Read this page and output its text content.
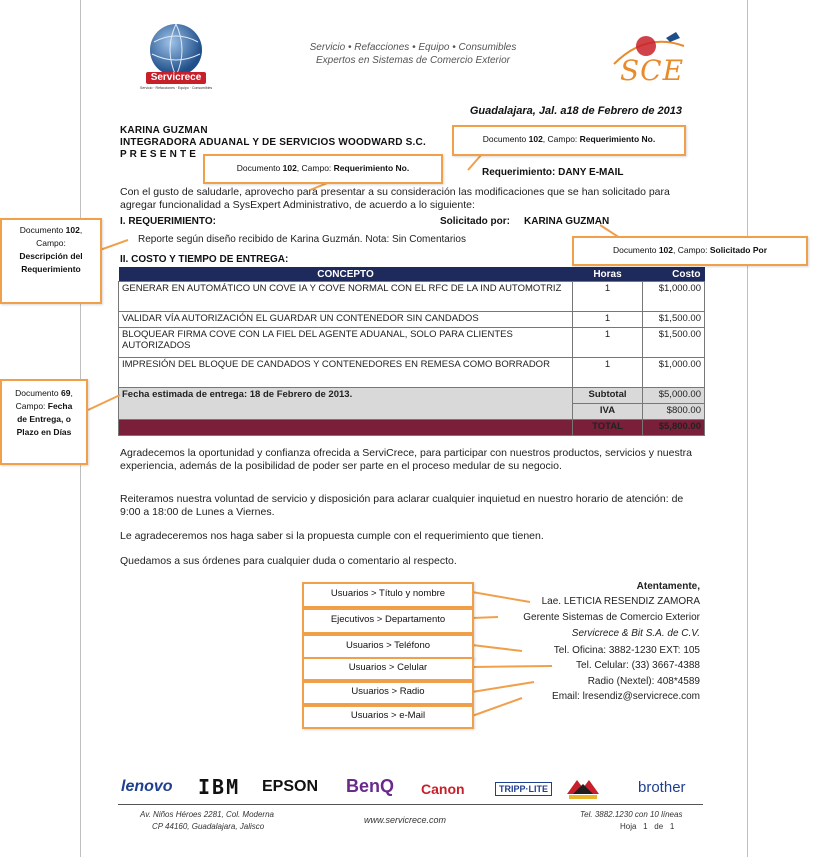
Servicrece
Servicio · Refacciones · Equipo · Consumibles
Servicio • Refacciones • Equipo • Consumibles
Expertos en Sistemas de Comercio Exterior	SCE
Guadalajara, Jal. a18 de Febrero de 2013
KARINA GUZMAN
INTEGRADORA ADUANAL Y DE SERVICIOS WOODWARD S.C.
P R E S E N T E
Requerimiento: DANY E-MAIL
Con el gusto de saludarle, aprovecho para presentar a su consideración las modificaciones que se han solicitado para agregar funcionalidad a SysExpert Administrativo, de acuerdo a lo siguiente:
I. REQUERIMIENTO:	Solicitado por: KARINA GUZMAN
Reporte según diseño recibido de Karina Guzmán. Nota: Sin Comentarios
II. COSTO Y TIEMPO DE ENTREGA:
CONCEPTO	Horas	Costo
GENERAR EN AUTOMÁTICO UN COVE IA Y COVE NORMAL CON EL RFC DE LA IND AUTOMOTRIZ	1	$1,000.00
VALIDAR VÍA AUTORIZACIÓN EL GUARDAR UN CONTENEDOR SIN CANDADOS	1	$1,500.00
BLOQUEAR FIRMA COVE CON LA FIEL DEL AGENTE ADUANAL, SOLO PARA CLIENTES AUTORIZADOS	1	$1,500.00
IMPRESIÓN DEL BLOQUE DE CANDADOS Y CONTENEDORES EN REMESA COMO BORRADOR	1	$1,000.00
Fecha estimada de entrega: 18 de Febrero de 2013.	Subtotal	$5,000.00
	IVA	$800.00
	TOTAL	$5,800.00
Agradecemos la oportunidad y confianza ofrecida a ServiCrece, para participar con nuestros productos, servicios y nuestra experiencia, además de la posibilidad de poder ser parte en el proceso medular de su negocio.
Reiteramos nuestra voluntad de servicio y disposición para aclarar cualquier inquietud en nuestro horario de atención: de 9:00 a 18:00 de Lunes a Viernes.
Le agradeceremos nos haga saber si la propuesta cumple con el requerimiento que tienen.
Quedamos a sus órdenes para cualquier duda o comentario al respecto.
Atentamente,
Lae. LETICIA RESENDIZ ZAMORA
Gerente Sistemas de Comercio Exterior
Servicrece & Bit S.A. de C.V.
Tel. Oficina: 3882-1230 EXT: 105
Tel. Celular: (33) 3667-4388
Radio (Nextel): 408*4589
Email: lresendiz@servicrece.com
Documento 102, Campo: Requerimiento No.
Documento 102, Campo: Requerimiento No.
Documento 102, Campo: Solicitado Por
Documento 102,
Campo:
Descripción del
Requerimiento
Documento 69,
Campo: Fecha
de Entrega, o
Plazo en Días
Usuarios > Título y nombre
Ejecutivos > Departamento
Usuarios > Teléfono
Usuarios > Celular
Usuarios > Radio
Usuarios > e-Mail
lenovo IBM EPSON BenQ Canon	TRIPP·LITE	brother
Av. Niños Héroes 2281, Col. Moderna
CP 44160, Guadalajara, Jalisco
www.servicrece.com
Tel. 3882.1230 con 10 líneas
Hoja 1 de 1
